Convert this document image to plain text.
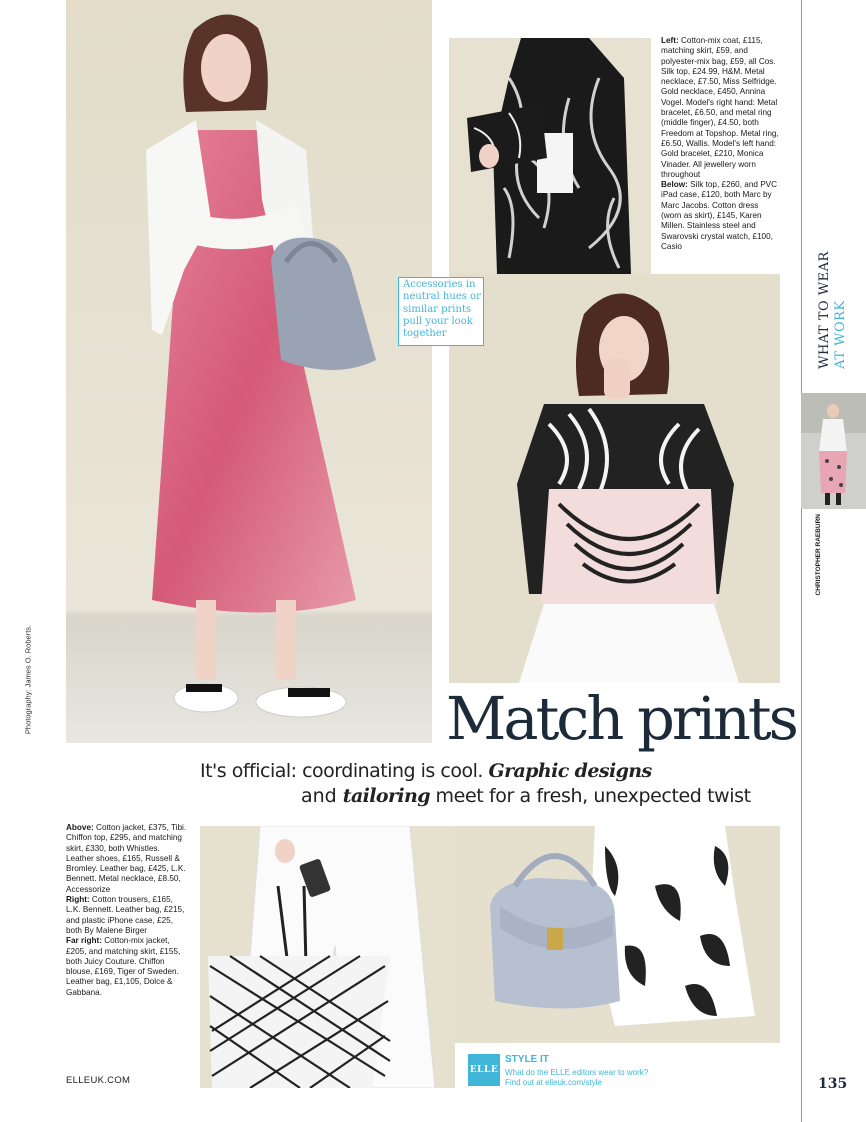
Match prints
It's official: coordinating is cool. Graphic designs
and tailoring meet for a fresh, unexpected twist
Accessories in neutral hues or similar prints pull your look together
Left: Cotton-mix coat, £115, matching skirt, £59, and polyester-mix bag, £59, all Cos. Silk top, £24.99, H&M. Metal necklace, £7.50, Miss Selfridge. Gold necklace, £450, Annina Vogel. Model's right hand: Metal bracelet, £6.50, and metal ring (middle finger), £4.50, both Freedom at Topshop. Metal ring, £6.50, Wallis. Model's left hand: Gold bracelet, £210, Monica Vinader. All jewellery worn throughout
Below: Silk top, £260, and PVC iPad case, £120, both Marc by Marc Jacobs. Cotton dress (worn as skirt), £145, Karen Millen. Stainless steel and Swarovski crystal watch, £100, Casio
Above: Cotton jacket, £375, Tibi. Chiffon top, £295, and matching skirt, £330, both Whistles. Leather shoes, £165, Russell & Bromley. Leather bag, £425, L.K. Bennett. Metal necklace, £8.50, Accessorize
Right: Cotton trousers, £165, L.K. Bennett. Leather bag, £215, and plastic iPhone case, £25, both By Malene Birger
Far right: Cotton-mix jacket, £205, and matching skirt, £155, both Juicy Couture. Chiffon blouse, £169, Tiger of Sweden. Leather bag, £1,105, Dolce & Gabbana.
Photography: James O. Roberts.
ELLEUK.COM	135
ELLE
STYLE IT
What do the ELLE editors wear to work? Find out at elleuk.com/style
WHAT TO WEAR AT WORK
CHRISTOPHER RAEBURN
